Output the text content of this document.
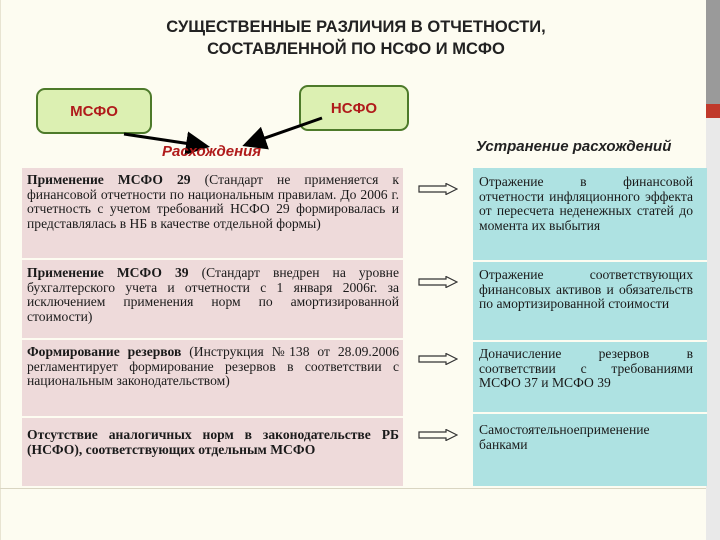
СУЩЕСТВЕННЫЕ РАЗЛИЧИЯ В ОТЧЕТНОСТИ,
СОСТАВЛЕННОЙ ПО НСФО И МСФО
МСФО	НСФО
Расхождения	Устранение расхождений
Применение МСФО 29 (Стандарт не применяется к финансовой отчетности по национальным правилам. До 2006 г. отчетность с учетом требований НСФО 29 формировалась и представлялась в НБ в качестве отдельной формы)
Отражение в финансовой отчетности инфляционного эффекта от пересчета неденежных статей до момента их выбытия
Применение МСФО 39 (Стандарт внедрен на уровне бухгалтерского учета и отчетности с 1 января 2006г. за исключением применения норм по амортизированной стоимости)
Отражение соответствующих финансовых активов и обязательств по амортизированной стоимости
Формирование резервов (Инструкция №138 от 28.09.2006 регламентирует формирование резервов в соответствии с национальным законодательством)
Доначисление резервов в соответствии с требованиями МСФО 37 и МСФО 39
Отсутствие аналогичных норм в законодательстве РБ (НСФО), соответствующих отдельным МСФО
Самостоятельноеприменение банками
